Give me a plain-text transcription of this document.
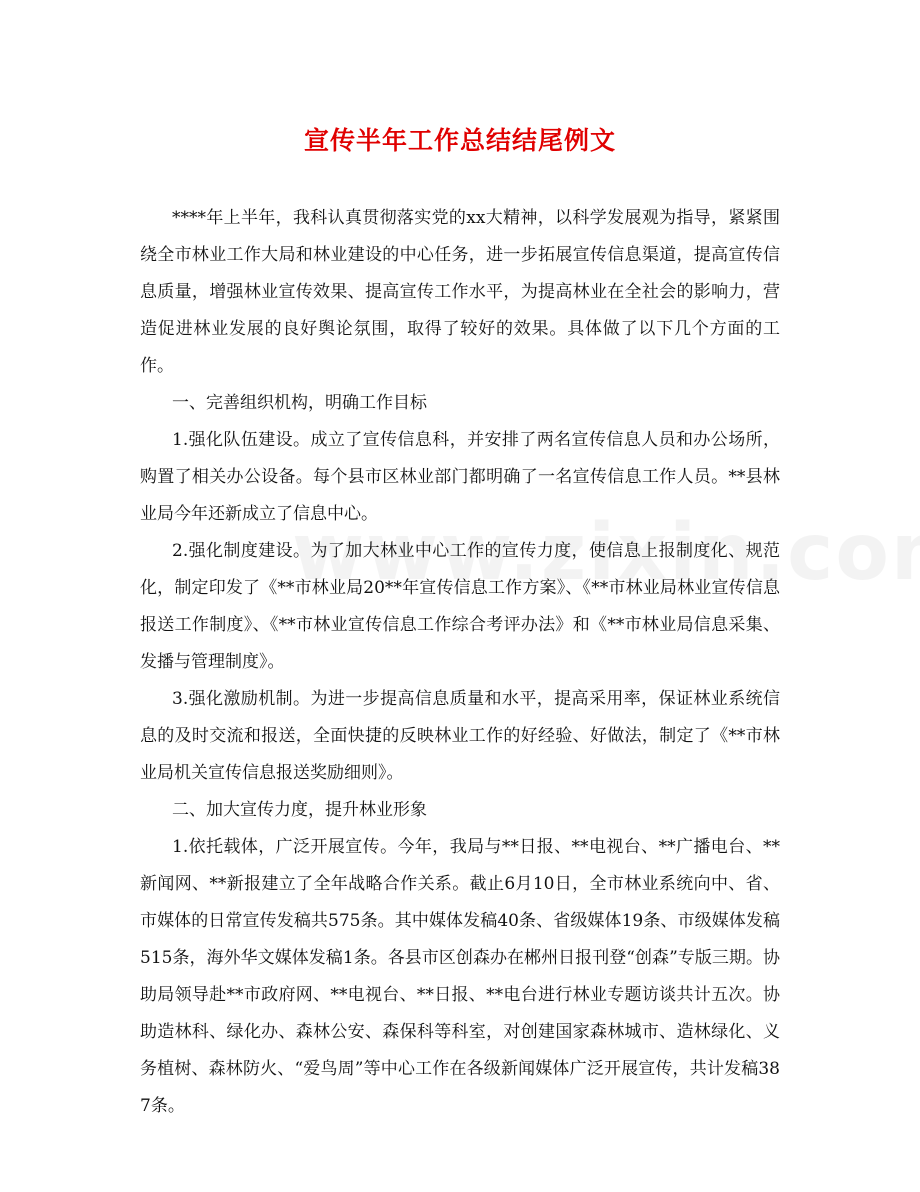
宣传半年工作总结结尾例文

****年上半年，我科认真贯彻落实党的xx大精神，以科学发展观为指导，紧紧围绕全市林业工作大局和林业建设的中心任务，进一步拓展宣传信息渠道，提高宣传信息质量，增强林业宣传效果、提高宣传工作水平，为提高林业在全社会的影响力，营造促进林业发展的良好舆论氛围，取得了较好的效果。具体做了以下几个方面的工作。

一、完善组织机构，明确工作目标

1.强化队伍建设。成立了宣传信息科，并安排了两名宣传信息人员和办公场所，购置了相关办公设备。每个县市区林业部门都明确了一名宣传信息工作人员。**县林业局今年还新成立了信息中心。

2.强化制度建设。为了加大林业中心工作的宣传力度，使信息上报制度化、规范化，制定印发了《**市林业局20**年宣传信息工作方案》、《**市林业局林业宣传信息报送工作制度》、《**市林业宣传信息工作综合考评办法》和《**市林业局信息采集、发播与管理制度》。

3.强化激励机制。为进一步提高信息质量和水平，提高采用率，保证林业系统信息的及时交流和报送，全面快捷的反映林业工作的好经验、好做法，制定了《**市林业局机关宣传信息报送奖励细则》。

二、加大宣传力度，提升林业形象

1.依托载体，广泛开展宣传。今年，我局与**日报、**电视台、**广播电台、**新闻网、**新报建立了全年战略合作关系。截止6月10日，全市林业系统向中、省、市媒体的日常宣传发稿共575条。其中媒体发稿40条、省级媒体19条、市级媒体发稿515条，海外华文媒体发稿1条。各县市区创森办在郴州日报刊登“创森”专版三期。协助局领导赴**市政府网、**电视台、**日报、**电台进行林业专题访谈共计五次。协助造林科、绿化办、森林公安、森保科等科室，对创建国家森林城市、造林绿化、义务植树、森林防火、“爱鸟周”等中心工作在各级新闻媒体广泛开展宣传，共计发稿387条。
